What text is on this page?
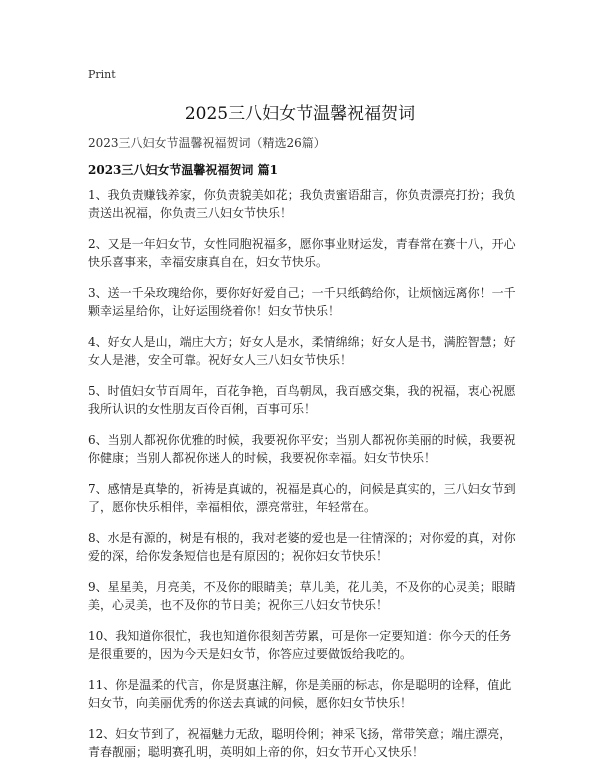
Print
2025三八妇女节温馨祝福贺词
2023三八妇女节温馨祝福贺词（精选26篇）
2023三八妇女节温馨祝福贺词 篇1

1、我负责赚钱养家，你负责貌美如花；我负责蜜语甜言，你负责漂亮打扮；我负责送出祝福，你负责三八妇女节快乐！

2、又是一年妇女节，女性同胞祝福多，愿你事业财运发，青春常在赛十八，开心快乐喜事来，幸福安康真自在，妇女节快乐。

3、送一千朵玫瑰给你，要你好好爱自己；一千只纸鹤给你，让烦恼远离你！一千颗幸运星给你，让好运围绕着你！妇女节快乐！

4、好女人是山，端庄大方；好女人是水，柔情绵绵；好女人是书，满腔智慧；好女人是港，安全可靠。祝好女人三八妇女节快乐！

5、时值妇女节百周年，百花争艳，百鸟朝凤，我百感交集，我的祝福，衷心祝愿我所认识的女性朋友百伶百俐，百事可乐！

6、当别人都祝你优雅的时候，我要祝你平安；当别人都祝你美丽的时候，我要祝你健康；当别人都祝你迷人的时候，我要祝你幸福。妇女节快乐！

7、感情是真挚的，祈祷是真诚的，祝福是真心的，问候是真实的，三八妇女节到了，愿你快乐相伴，幸福相依，漂亮常驻，年轻常在。

8、水是有源的，树是有根的，我对老婆的爱也是一往情深的；对你爱的真，对你爱的深，给你发条短信也是有原因的；祝你妇女节快乐！

9、星星美，月亮美，不及你的眼睛美；草儿美，花儿美，不及你的心灵美；眼睛美，心灵美，也不及你的节日美；祝你三八妇女节快乐！

10、我知道你很忙，我也知道你很刻苦劳累，可是你一定要知道：你今天的任务是很重要的，因为今天是妇女节，你答应过要做饭给我吃的。

11、你是温柔的代言，你是贤惠注解，你是美丽的标志，你是聪明的诠释，值此妇女节，向美丽优秀的你送去真诚的问候，愿你妇女节快乐！

12、妇女节到了，祝福魅力无敌，聪明伶俐；神采飞扬，常带笑意；端庄漂亮，青春靓丽；聪明赛孔明，英明如上帝的你，妇女节开心又快乐！
